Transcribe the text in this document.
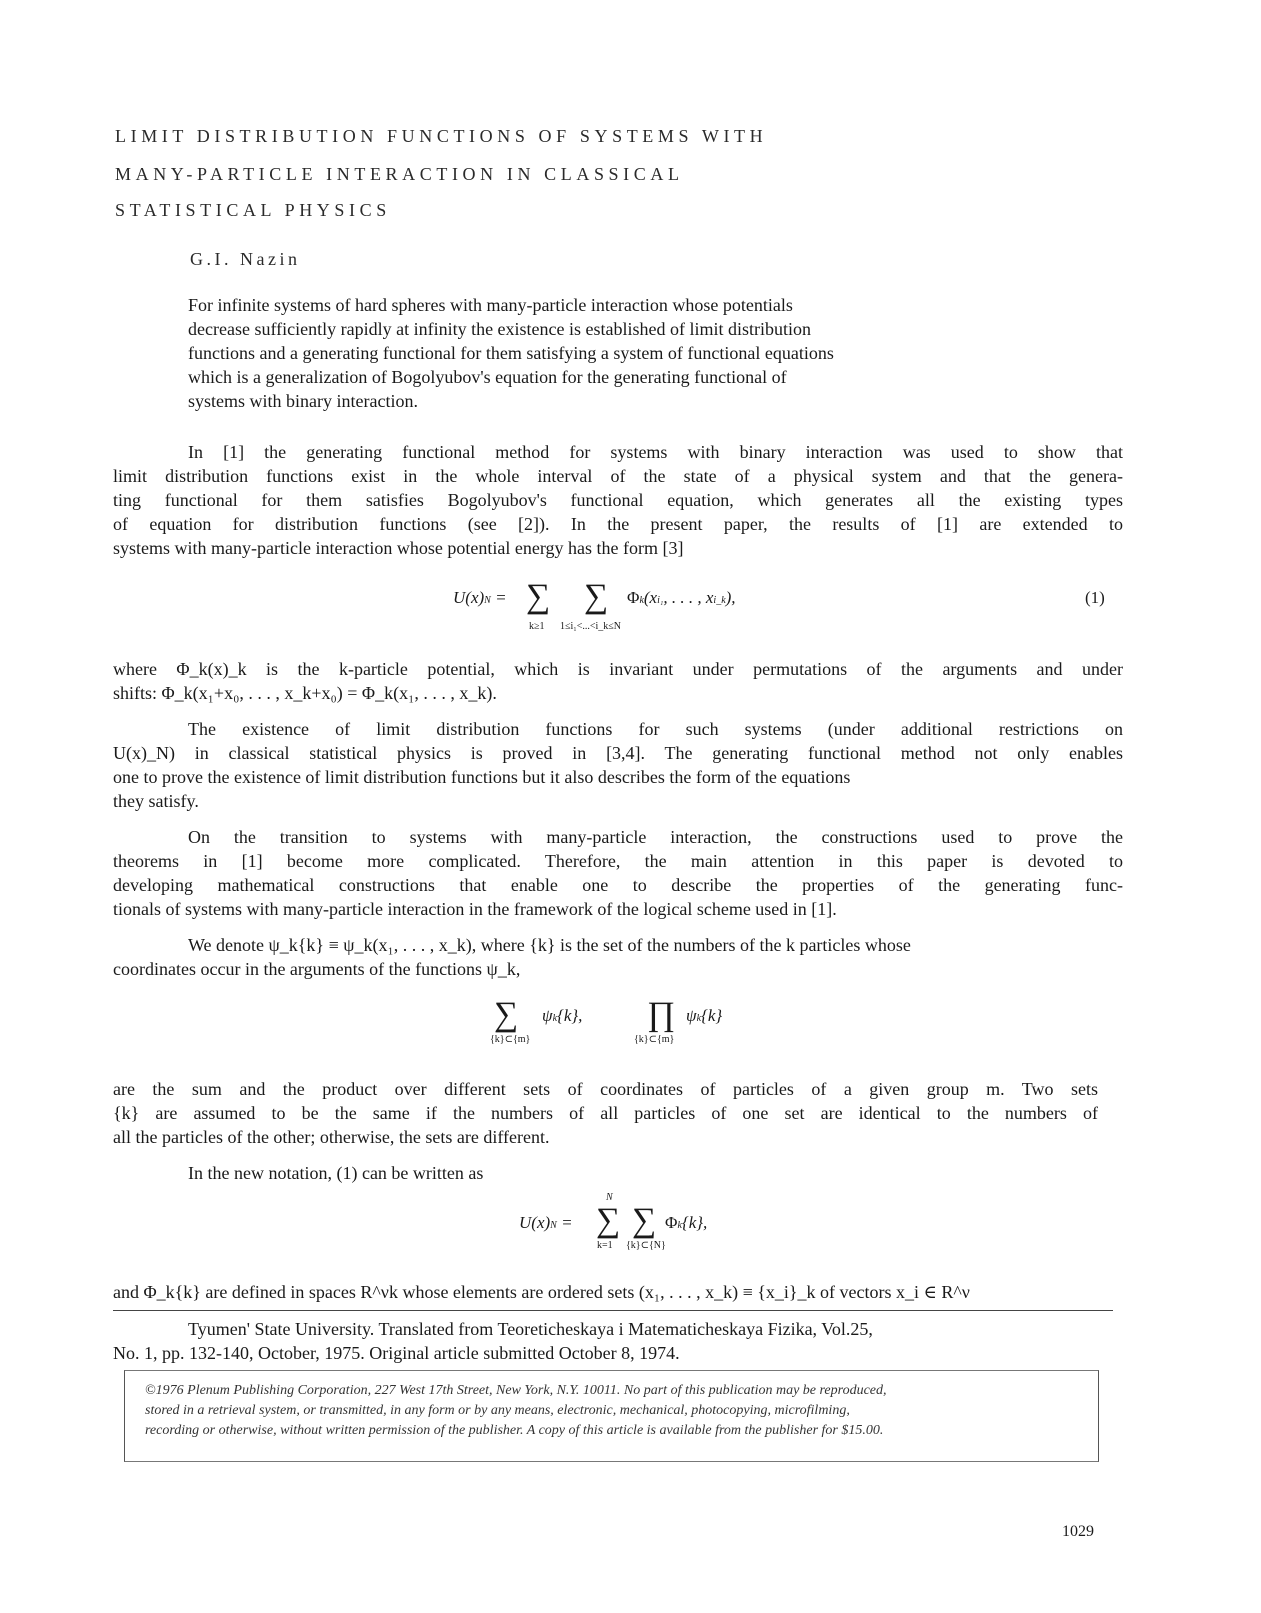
LIMIT DISTRIBUTION FUNCTIONS OF SYSTEMS WITH
MANY-PARTICLE INTERACTION IN CLASSICAL
STATISTICAL PHYSICS
G.I. Nazin
For infinite systems of hard spheres with many-particle interaction whose potentials
decrease sufficiently rapidly at infinity the existence is established of limit distribution
functions and a generating functional for them satisfying a system of functional equations
which is a generalization of Bogolyubov's equation for the generating functional of
systems with binary interaction.
In [1] the generating functional method for systems with binary interaction was used to show that
limit distribution functions exist in the whole interval of the state of a physical system and that the genera-
ting functional for them satisfies Bogolyubov's functional equation, which generates all the existing types
of equation for distribution functions (see [2]). In the present paper, the results of [1] are extended to
systems with many-particle interaction whose potential energy has the form [3]
U(x)N = ∑
k≥1
∑
1≤i₁<...<i_k≤N
Φk(xi₁, . . . , xi_k),	(1)
where Φ_k(x)_k is the k-particle potential, which is invariant under permutations of the arguments and under
shifts: Φ_k(x₁+x₀, . . . , x_k+x₀) = Φ_k(x₁, . . . , x_k).
The existence of limit distribution functions for such systems (under additional restrictions on
U(x)_N) in classical statistical physics is proved in [3,4]. The generating functional method not only enables
one to prove the existence of limit distribution functions but it also describes the form of the equations
they satisfy.
On the transition to systems with many-particle interaction, the constructions used to prove the
theorems in [1] become more complicated. Therefore, the main attention in this paper is devoted to
developing mathematical constructions that enable one to describe the properties of the generating func-
tionals of systems with many-particle interaction in the framework of the logical scheme used in [1].
We denote ψ_k{k} ≡ ψ_k(x₁, . . . , x_k), where {k} is the set of the numbers of the k particles whose
coordinates occur in the arguments of the functions ψ_k,
∑
{k}⊂{m}
ψk{k}, ∏
{k}⊂{m}
ψk{k}
are the sum and the product over different sets of coordinates of particles of a given group m. Two sets
{k} are assumed to be the same if the numbers of all particles of one set are identical to the numbers of
all the particles of the other; otherwise, the sets are different.
In the new notation, (1) can be written as
U(x)N =
N
∑
k=1
∑
{k}⊂{N}
Φk{k},
and Φ_k{k} are defined in spaces R^νk whose elements are ordered sets (x₁, . . . , x_k) ≡ {x_i}_k of vectors x_i ∈ R^ν
Tyumen' State University. Translated from Teoreticheskaya i Matematicheskaya Fizika, Vol.25,
No. 1, pp. 132-140, October, 1975. Original article submitted October 8, 1974.
©1976 Plenum Publishing Corporation, 227 West 17th Street, New York, N.Y. 10011. No part of this publication may be reproduced,
stored in a retrieval system, or transmitted, in any form or by any means, electronic, mechanical, photocopying, microfilming,
recording or otherwise, without written permission of the publisher. A copy of this article is available from the publisher for $15.00.
1029
